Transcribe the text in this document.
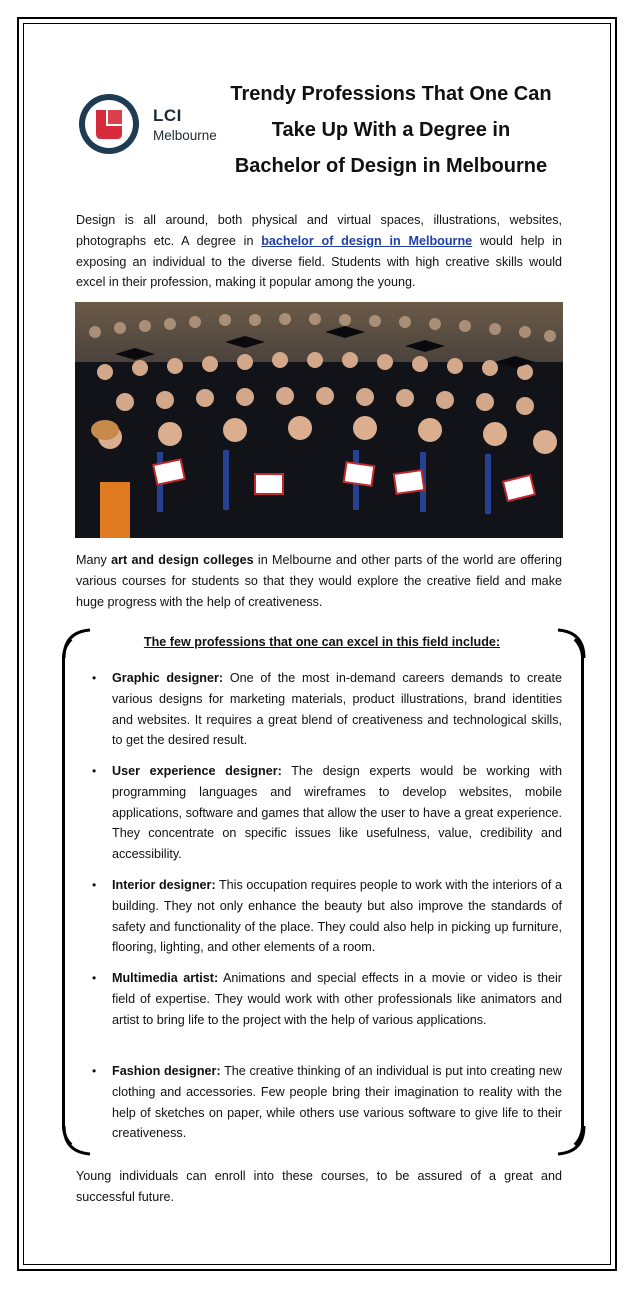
LCI
Melbourne
Trendy Professions That One Can
Take Up With a Degree in
Bachelor of Design in Melbourne

Design is all around, both physical and virtual spaces, illustrations, websites, photographs etc. A degree in bachelor of design in Melbourne would help in exposing an individual to the diverse field. Students with high creative skills would excel in their profession, making it popular among the young.

Many art and design colleges in Melbourne and other parts of the world are offering various courses for students so that they would explore the creative field and make huge progress with the help of creativeness.

The few professions that one can excel in this field include:

• Graphic designer: One of the most in-demand careers demands to create various designs for marketing materials, product illustrations, brand identities and websites. It requires a great blend of creativeness and technological skills, to get the desired result.
• User experience designer: The design experts would be working with programming languages and wireframes to develop websites, mobile applications, software and games that allow the user to have a great experience. They concentrate on specific issues like usefulness, value, credibility and accessibility.
• Interior designer: This occupation requires people to work with the interiors of a building. They not only enhance the beauty but also improve the standards of safety and functionality of the place. They could also help in picking up furniture, flooring, lighting, and other elements of a room.
• Multimedia artist: Animations and special effects in a movie or video is their field of expertise. They would work with other professionals like animators and artist to bring life to the project with the help of various applications.
• Fashion designer: The creative thinking of an individual is put into creating new clothing and accessories. Few people bring their imagination to reality with the help of sketches on paper, while others use various software to give life to their creativeness.

Young individuals can enroll into these courses, to be assured of a great and successful future.
